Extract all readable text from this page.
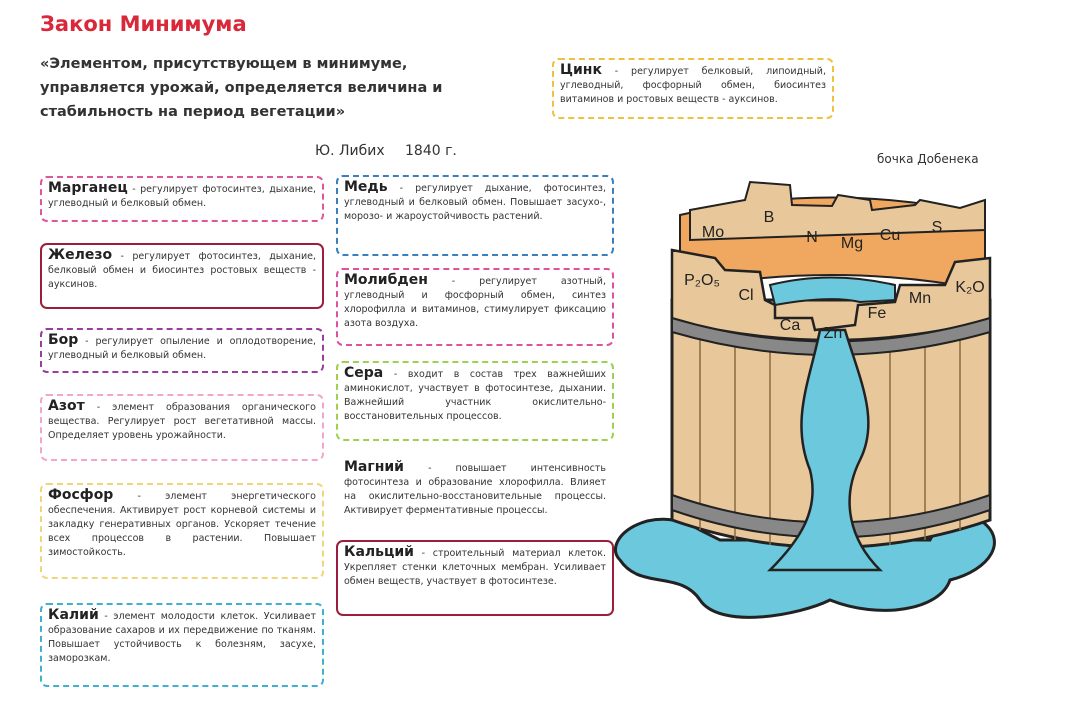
Закон Минимума
«Элементом, присутствующем в минимуме, управляется урожай, определяется величина и стабильность на период вегетации»
Ю. Либих 1840 г.	бочка Добенека
Цинк - регулирует белковый, липоидный, углеводный, фосфорный обмен, биосинтез витаминов и ростовых веществ - ауксинов.
Марганец - регулирует фотосинтез, дыхание, углеводный и белковый обмен.
Железо - регулирует фотосинтез, дыхание, белковый обмен и биосинтез ростовых веществ - ауксинов.
Бор - регулирует опыление и оплодотворение, углеводный и белковый обмен.
Азот - элемент образования органического вещества. Регулирует рост вегетативной массы. Определяет уровень урожайности.
Фосфор - элемент энергетического обеспечения. Активирует рост корневой системы и закладку генеративных органов. Ускоряет течение всех процессов в растении. Повышает зимостойкость.
Калий - элемент молодости клеток. Усиливает образование сахаров и их передвижение по тканям. Повышает устойчивость к болезням, засухе, заморозкам.
Медь - регулирует дыхание, фотосинтез, углеводный и белковый обмен. Повышает засухо-, морозо- и жароустойчивость растений.
Молибден - регулирует азотный, углеводный и фосфорный обмен, синтез хлорофилла и витаминов, стимулирует фиксацию азота воздуха.
Сера - входит в состав трех важнейших аминокислот, участвует в фотосинтезе, дыхании. Важнейший участник окислительно-восстановительных процессов.
Магний - повышает интенсивность фотосинтеза и образование хлорофилла. Влияет на окислительно-восстановительные процессы. Активирует ферментативные процессы.
Кальций - строительный материал клеток. Укрепляет стенки клеточных мембран. Усиливает обмен веществ, участвует в фотосинтезе.
Mo
B
N Mg Cu S
P₂O₅
Cl
Ca Zn
Fe
Mn
K₂O
